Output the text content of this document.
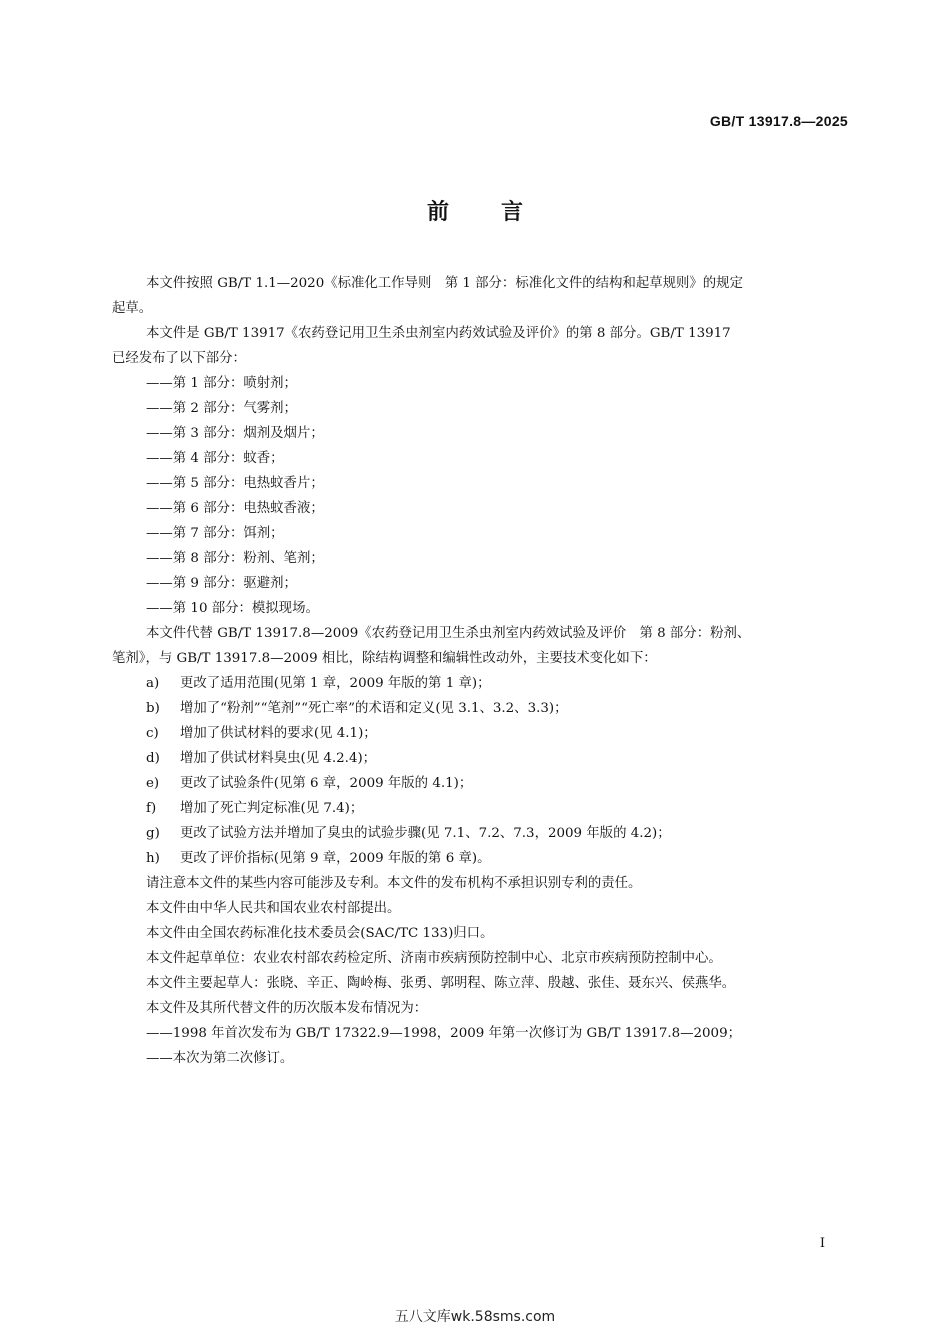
GB/T 13917.8—2025
前言
本文件按照 GB/T 1.1—2020《标准化工作导则　第 1 部分：标准化文件的结构和起草规则》的规定
起草。
本文件是 GB/T 13917《农药登记用卫生杀虫剂室内药效试验及评价》的第 8 部分。GB/T 13917
已经发布了以下部分：
——第 1 部分：喷射剂；
——第 2 部分：气雾剂；
——第 3 部分：烟剂及烟片；
——第 4 部分：蚊香；
——第 5 部分：电热蚊香片；
——第 6 部分：电热蚊香液；
——第 7 部分：饵剂；
——第 8 部分：粉剂、笔剂；
——第 9 部分：驱避剂；
——第 10 部分：模拟现场。
本文件代替 GB/T 13917.8—2009《农药登记用卫生杀虫剂室内药效试验及评价　第 8 部分：粉剂、
笔剂》，与 GB/T 13917.8—2009 相比，除结构调整和编辑性改动外，主要技术变化如下：
a) 更改了适用范围(见第 1 章，2009 年版的第 1 章)；
b) 增加了“粉剂”“笔剂”“死亡率”的术语和定义(见 3.1、3.2、3.3)；
c) 增加了供试材料的要求(见 4.1)；
d) 增加了供试材料臭虫(见 4.2.4)；
e) 更改了试验条件(见第 6 章，2009 年版的 4.1)；
f) 增加了死亡判定标准(见 7.4)；
g) 更改了试验方法并增加了臭虫的试验步骤(见 7.1、7.2、7.3，2009 年版的 4.2)；
h) 更改了评价指标(见第 9 章，2009 年版的第 6 章)。
请注意本文件的某些内容可能涉及专利。本文件的发布机构不承担识别专利的责任。
本文件由中华人民共和国农业农村部提出。
本文件由全国农药标准化技术委员会(SAC/TC 133)归口。
本文件起草单位：农业农村部农药检定所、济南市疾病预防控制中心、北京市疾病预防控制中心。
本文件主要起草人：张晓、辛正、陶岭梅、张勇、郭明程、陈立萍、殷越、张佳、聂东兴、侯燕华。
本文件及其所代替文件的历次版本发布情况为：
——1998 年首次发布为 GB/T 17322.9—1998，2009 年第一次修订为 GB/T 13917.8—2009；
——本次为第二次修订。
I
五八文库wk.58sms.com
